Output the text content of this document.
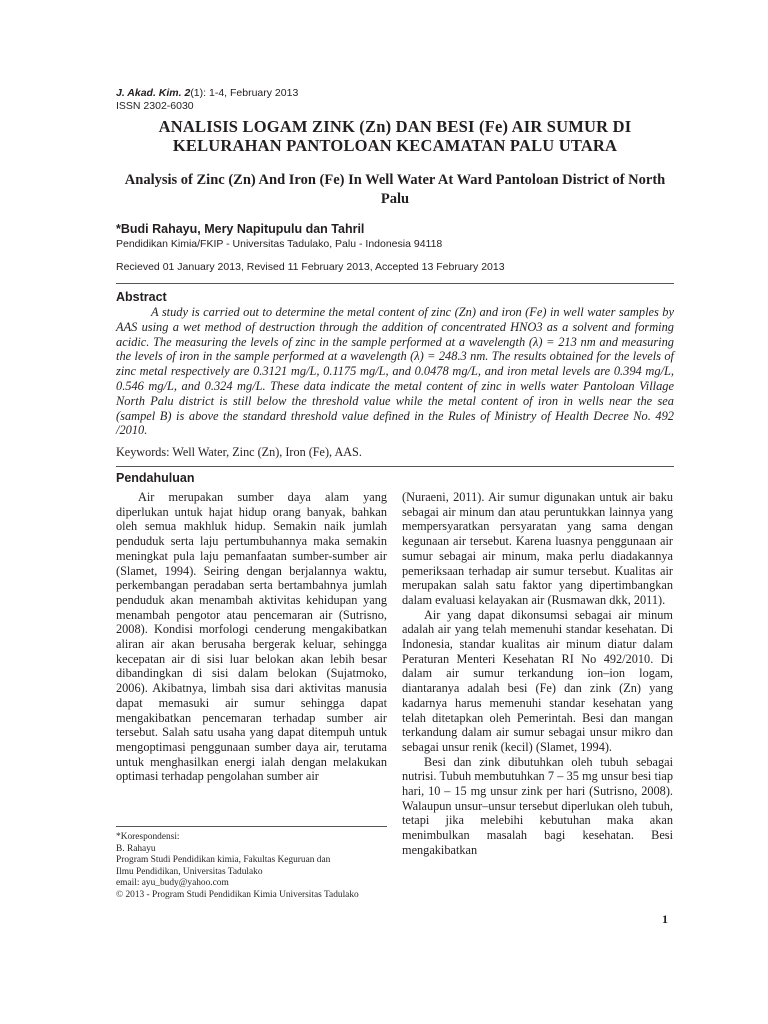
J. Akad. Kim. 2(1): 1-4, February 2013
ISSN 2302-6030
ANALISIS LOGAM ZINK (Zn) DAN BESI (Fe) AIR SUMUR DI KELURAHAN PANTOLOAN KECAMATAN PALU UTARA
Analysis of Zinc (Zn) And Iron (Fe) In Well Water At Ward Pantoloan District of North Palu
*Budi Rahayu, Mery Napitupulu dan Tahril
Pendidikan Kimia/FKIP - Universitas Tadulako, Palu - Indonesia 94118
Recieved 01 January 2013, Revised 11 February 2013, Accepted 13 February 2013
Abstract
A study is carried out to determine the metal content of zinc (Zn) and iron (Fe) in well water samples by AAS using a wet method of destruction through the addition of concentrated HNO3 as a solvent and forming acidic. The measuring the levels of zinc in the sample performed at a wavelength (λ) = 213 nm and measuring the levels of iron in the sample performed at a wavelength (λ) = 248.3 nm. The results obtained for the levels of zinc metal respectively are 0.3121 mg/L, 0.1175 mg/L, and 0.0478 mg/L, and iron metal levels are 0.394 mg/L, 0.546 mg/L, and 0.324 mg/L. These data indicate the metal content of zinc in wells water Pantoloan Village North Palu district is still below the threshold value while the metal content of iron in wells near the sea (sampel B) is above the standard threshold value defined in the Rules of Ministry of Health Decree No. 492 /2010.
Keywords: Well Water, Zinc (Zn), Iron (Fe), AAS.
Pendahuluan

Air merupakan sumber daya alam yang diperlukan untuk hajat hidup orang banyak, bahkan oleh semua makhluk hidup. Semakin naik jumlah penduduk serta laju pertumbuhannya maka semakin meningkat pula laju pemanfaatan sumber-sumber air (Slamet, 1994). Seiring dengan berjalannya waktu, perkembangan peradaban serta bertambahnya jumlah penduduk akan menambah aktivitas kehidupan yang menambah pengotor atau pencemaran air (Sutrisno, 2008). Kondisi morfologi cenderung mengakibatkan aliran air akan berusaha bergerak keluar, sehingga kecepatan air di sisi luar belokan akan lebih besar dibandingkan di sisi dalam belokan (Sujatmoko, 2006). Akibatnya, limbah sisa dari aktivitas manusia dapat memasuki air sumur sehingga dapat mengakibatkan pencemaran terhadap sumber air tersebut. Salah satu usaha yang dapat ditempuh untuk mengoptimasi penggunaan sumber daya air, terutama untuk menghasilkan energi ialah dengan melakukan optimasi terhadap pengolahan sumber air

(Nuraeni, 2011). Air sumur digunakan untuk air baku sebagai air minum dan atau peruntukkan lainnya yang mempersyaratkan persyaratan yang sama dengan kegunaan air tersebut. Karena luasnya penggunaan air sumur sebagai air minum, maka perlu diadakannya pemeriksaan terhadap air sumur tersebut. Kualitas air merupakan salah satu faktor yang dipertimbangkan dalam evaluasi kelayakan air (Rusmawan dkk, 2011).

Air yang dapat dikonsumsi sebagai air minum adalah air yang telah memenuhi standar kesehatan. Di Indonesia, standar kualitas air minum diatur dalam Peraturan Menteri Kesehatan RI No 492/2010. Di dalam air sumur terkandung ion–ion logam, diantaranya adalah besi (Fe) dan zink (Zn) yang kadarnya harus memenuhi standar kesehatan yang telah ditetapkan oleh Pemerintah. Besi dan mangan terkandung dalam air sumur sebagai unsur mikro dan sebagai unsur renik (kecil) (Slamet, 1994).

Besi dan zink dibutuhkan oleh tubuh sebagai nutrisi. Tubuh membutuhkan 7 – 35 mg unsur besi tiap hari, 10 – 15 mg unsur zink per hari (Sutrisno, 2008). Walaupun unsur–unsur tersebut diperlukan oleh tubuh, tetapi jika melebihi kebutuhan maka akan menimbulkan masalah bagi kesehatan. Besi mengakibatkan

*Korespondensi:
B. Rahayu
Program Studi Pendidikan kimia, Fakultas Keguruan dan
Ilmu Pendidikan, Universitas Tadulako
email: ayu_budy@yahoo.com
© 2013 - Program Studi Pendidikan Kimia Universitas Tadulako
1
